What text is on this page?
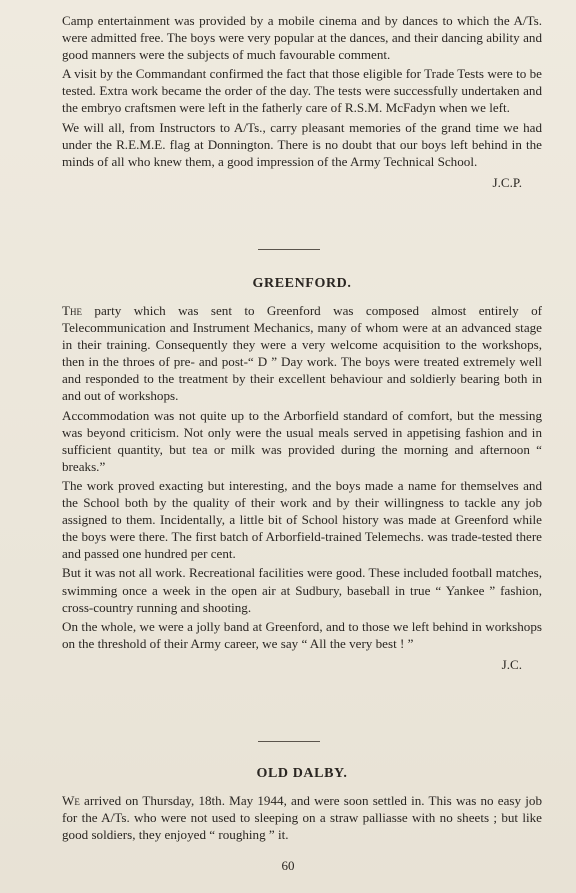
Camp entertainment was provided by a mobile cinema and by dances to which the A/Ts. were admitted free. The boys were very popular at the dances, and their dancing ability and good manners were the subjects of much favourable comment.

A visit by the Commandant confirmed the fact that those eligible for Trade Tests were to be tested. Extra work became the order of the day. The tests were successfully undertaken and the embryo craftsmen were left in the fatherly care of R.S.M. McFadyn when we left.

We will all, from Instructors to A/Ts., carry pleasant memories of the grand time we had under the R.E.M.E. flag at Donnington. There is no doubt that our boys left behind in the minds of all who knew them, a good impression of the Army Technical School.

J.C.P.
GREENFORD.

The party which was sent to Greenford was composed almost entirely of Telecommunication and Instrument Mechanics, many of whom were at an advanced stage in their training. Consequently they were a very welcome acquisition to the workshops, then in the throes of pre- and post-“ D ” Day work. The boys were treated extremely well and responded to the treatment by their excellent behaviour and soldierly bearing both in and out of workshops.

Accommodation was not quite up to the Arborfield standard of comfort, but the messing was beyond criticism. Not only were the usual meals served in appetising fashion and in sufficient quantity, but tea or milk was provided during the morning and afternoon “ breaks.”

The work proved exacting but interesting, and the boys made a name for themselves and the School both by the quality of their work and by their willingness to tackle any job assigned to them. Incidentally, a little bit of School history was made at Greenford while the boys were there. The first batch of Arborfield-trained Telemechs. was trade-tested there and passed one hundred per cent.

But it was not all work. Recreational facilities were good. These included football matches, swimming once a week in the open air at Sudbury, baseball in true “ Yankee ” fashion, cross-country running and shooting.

On the whole, we were a jolly band at Greenford, and to those we left behind in workshops on the threshold of their Army career, we say “ All the very best ! ”

J.C.
OLD DALBY.

We arrived on Thursday, 18th. May 1944, and were soon settled in. This was no easy job for the A/Ts. who were not used to sleeping on a straw palliasse with no sheets ; but like good soldiers, they enjoyed “ roughing ” it.

60
